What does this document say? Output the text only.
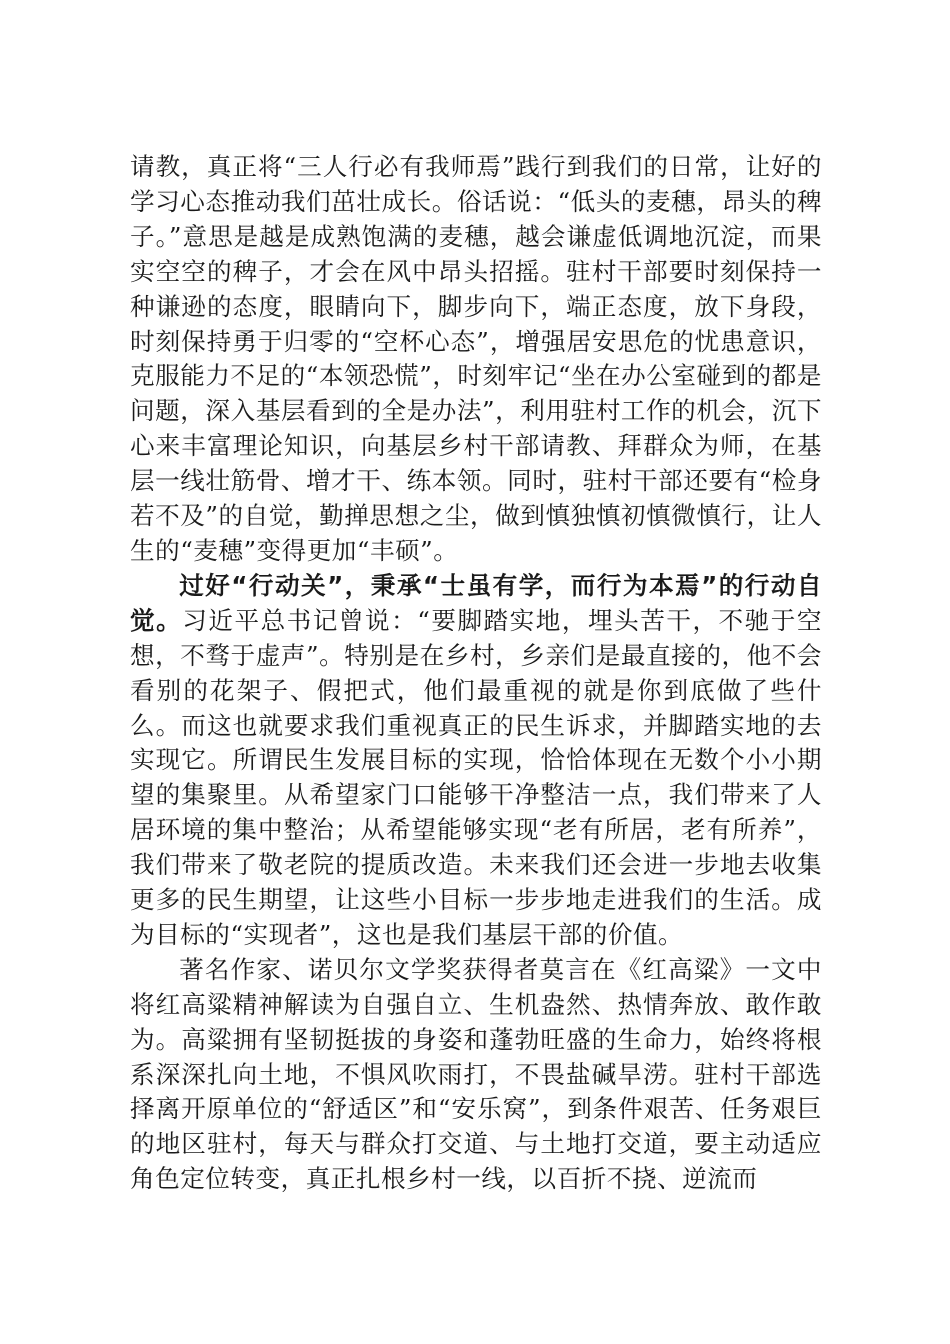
请教，真正将“三人行必有我师焉”践行到我们的日常，让好的学习心态推动我们茁壮成长。俗话说：“低头的麦穗，昂头的稗子。”意思是越是成熟饱满的麦穗，越会谦虚低调地沉淀，而果实空空的稗子，才会在风中昂头招摇。驻村干部要时刻保持一种谦逊的态度，眼睛向下，脚步向下，端正态度，放下身段，时刻保持勇于归零的“空杯心态”，增强居安思危的忧患意识，克服能力不足的“本领恐慌”，时刻牢记“坐在办公室碰到的都是问题，深入基层看到的全是办法”，利用驻村工作的机会，沉下心来丰富理论知识，向基层乡村干部请教、拜群众为师，在基层一线壮筋骨、增才干、练本领。同时，驻村干部还要有“检身若不及”的自觉，勤掸思想之尘，做到慎独慎初慎微慎行，让人生的“麦穗”变得更加“丰硕”。

过好“行动关”，秉承“士虽有学，而行为本焉”的行动自觉。习近平总书记曾说：“要脚踏实地，埋头苦干，不驰于空想，不骛于虚声”。特别是在乡村，乡亲们是最直接的，他不会看别的花架子、假把式，他们最重视的就是你到底做了些什么。而这也就要求我们重视真正的民生诉求，并脚踏实地的去实现它。所谓民生发展目标的实现，恰恰体现在无数个小小期望的集聚里。从希望家门口能够干净整洁一点，我们带来了人居环境的集中整治；从希望能够实现“老有所居，老有所养”，我们带来了敬老院的提质改造。未来我们还会进一步地去收集更多的民生期望，让这些小目标一步步地走进我们的生活。成为目标的“实现者”，这也是我们基层干部的价值。

著名作家、诺贝尔文学奖获得者莫言在《红高粱》一文中将红高粱精神解读为自强自立、生机盎然、热情奔放、敢作敢为。高粱拥有坚韧挺拔的身姿和蓬勃旺盛的生命力，始终将根系深深扎向土地，不惧风吹雨打，不畏盐碱旱涝。驻村干部选择离开原单位的“舒适区”和“安乐窝”，到条件艰苦、任务艰巨的地区驻村，每天与群众打交道、与土地打交道，要主动适应角色定位转变，真正扎根乡村一线，以百折不挠、逆流而
